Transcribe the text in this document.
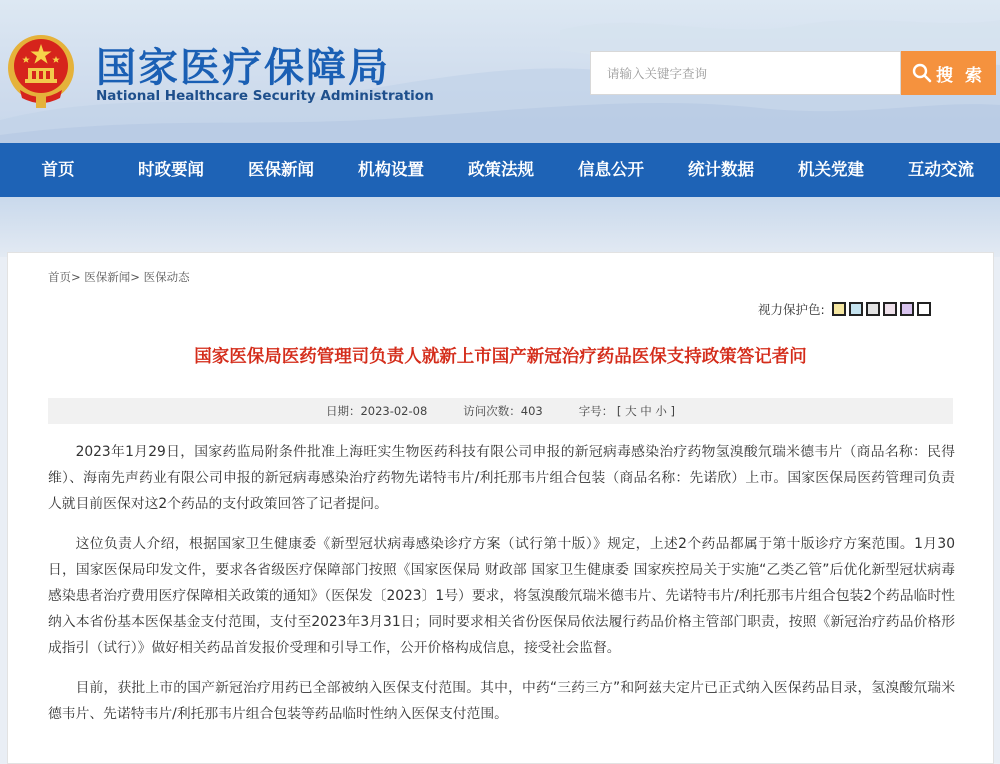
国家医疗保障局
National Healthcare Security Administration
请输入关键字查询
搜 索
首页	时政要闻	医保新闻	机构设置	政策法规	信息公开	统计数据	机关党建	互动交流
首页> 医保新闻> 医保动态
视力保护色:
国家医保局医药管理司负责人就新上市国产新冠治疗药品医保支持政策答记者问
日期：2023-02-08	访问次数：403	字号： [ 大 中 小 ]

2023年1月29日，国家药监局附条件批准上海旺实生物医药科技有限公司申报的新冠病毒感染治疗药物氢溴酸氘瑞米德韦片（商品名称：民得维）、海南先声药业有限公司申报的新冠病毒感染治疗药物先诺特韦片/利托那韦片组合包装（商品名称：先诺欣）上市。国家医保局医药管理司负责人就目前医保对这2个药品的支付政策回答了记者提问。

这位负责人介绍，根据国家卫生健康委《新型冠状病毒感染诊疗方案（试行第十版）》规定，上述2个药品都属于第十版诊疗方案范围。1月30日，国家医保局印发文件，要求各省级医疗保障部门按照《国家医保局 财政部 国家卫生健康委 国家疾控局关于实施“乙类乙管”后优化新型冠状病毒感染患者治疗费用医疗保障相关政策的通知》（医保发〔2023〕1号）要求，将氢溴酸氘瑞米德韦片、先诺特韦片/利托那韦片组合包装2个药品临时性纳入本省份基本医保基金支付范围，支付至2023年3月31日；同时要求相关省份医保局依法履行药品价格主管部门职责，按照《新冠治疗药品价格形成指引（试行）》做好相关药品首发报价受理和引导工作，公开价格构成信息，接受社会监督。

目前，获批上市的国产新冠治疗用药已全部被纳入医保支付范围。其中，中药“三药三方”和阿兹夫定片已正式纳入医保药品目录，氢溴酸氘瑞米德韦片、先诺特韦片/利托那韦片组合包装等药品临时性纳入医保支付范围。
